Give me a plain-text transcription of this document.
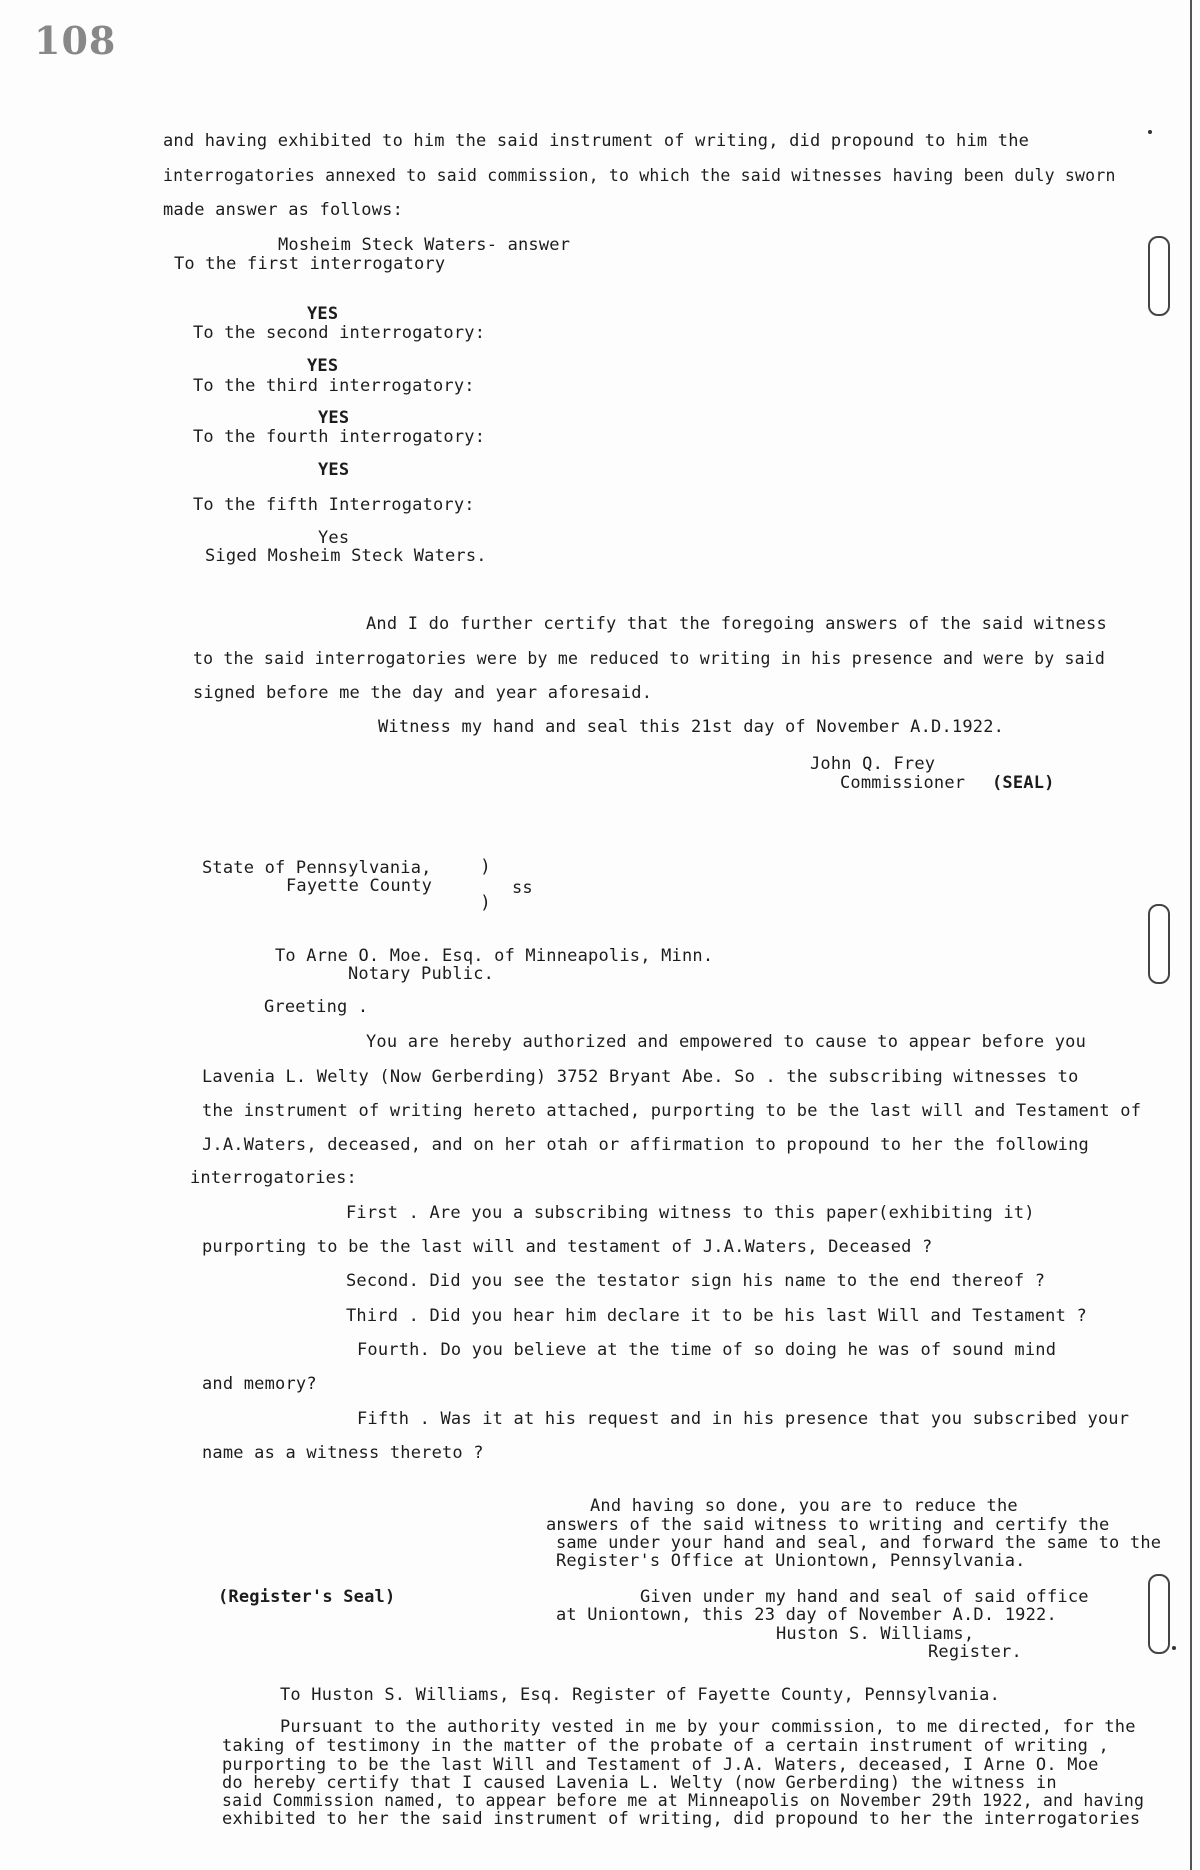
108
and having exhibited to him the said instrument of writing, did propound to him the
interrogatories annexed to said commission, to which the said witnesses having been duly sworn
made answer as follows:
Mosheim Steck Waters- answer
To the first interrogatory
YES
To the second interrogatory:
YES
To the third interrogatory:
YES
To the fourth interrogatory:
YES
To the fifth Interrogatory:
Yes
Siged Mosheim Steck Waters.
And I do further certify that the foregoing answers of the said witness
to the said interrogatories were by me reduced to writing in his presence and were by said
signed before me the day and year aforesaid.
Witness my hand and seal this 21st day of November A.D.1922.
John Q. Frey
Commissioner (SEAL)
State of Pennsylvania,
Fayette County
)
)
ss
To Arne O. Moe. Esq. of Minneapolis, Minn.
Notary Public.
Greeting .
You are hereby authorized and empowered to cause to appear before you
Lavenia L. Welty (Now Gerberding) 3752 Bryant Abe. So . the subscribing witnesses to
the instrument of writing hereto attached, purporting to be the last will and Testament of
J.A.Waters, deceased, and on her otah or affirmation to propound to her the following
interrogatories:
First . Are you a subscribing witness to this paper(exhibiting it)
purporting to be the last will and testament of J.A.Waters, Deceased ?
Second. Did you see the testator sign his name to the end thereof ?
Third . Did you hear him declare it to be his last Will and Testament ?
Fourth. Do you believe at the time of so doing he was of sound mind
and memory?
Fifth . Was it at his request and in his presence that you subscribed your
name as a witness thereto ?
And having so done, you are to reduce the
answers of the said witness to writing and certify the
same under your hand and seal, and forward the same to the
Register's Office at Uniontown, Pennsylvania.
(Register's Seal)	Given under my hand and seal of said office
at Uniontown, this 23 day of November A.D. 1922.
Huston S. Williams,
Register.
To Huston S. Williams, Esq. Register of Fayette County, Pennsylvania.
Pursuant to the authority vested in me by your commission, to me directed, for the
taking of testimony in the matter of the probate of a certain instrument of writing ,
purporting to be the last Will and Testament of J.A. Waters, deceased, I Arne O. Moe
do hereby certify that I caused Lavenia L. Welty (now Gerberding) the witness in
said Commission named, to appear before me at Minneapolis on November 29th 1922, and having
exhibited to her the said instrument of writing, did propound to her the interrogatories
